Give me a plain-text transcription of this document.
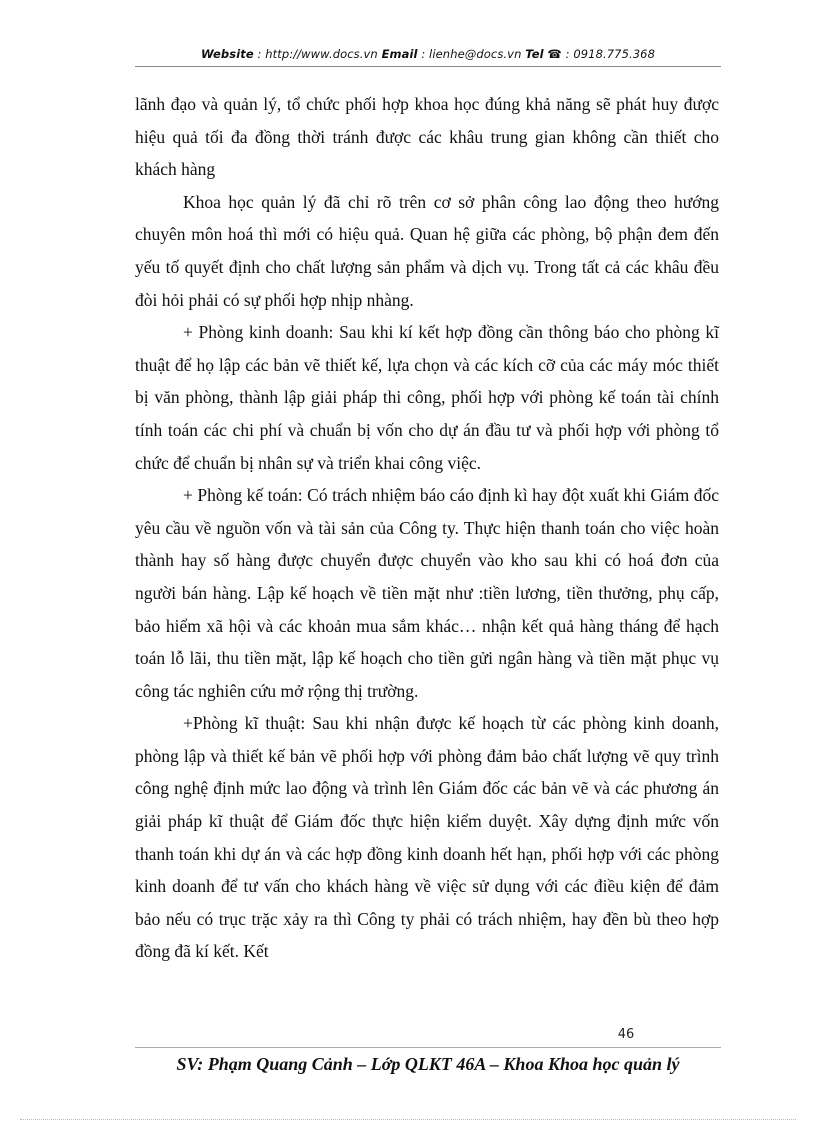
Website : http://www.docs.vn Email : lienhe@docs.vn Tel ☎ : 0918.775.368

lãnh đạo và quản lý, tổ chức phối hợp khoa học đúng khả năng sẽ phát huy được hiệu quả tối đa đồng thời tránh được các khâu trung gian không cần thiết cho khách hàng

Khoa học quản lý đã chỉ rõ trên cơ sở phân công lao động theo hướng chuyên môn hoá thì mới có hiệu quả. Quan hệ giữa các phòng, bộ phận đem đến yếu tố quyết định cho chất lượng sản phẩm và dịch vụ. Trong tất cả các khâu đều đòi hỏi phải có sự phối hợp nhịp nhàng.

+ Phòng kinh doanh: Sau khi kí kết hợp đồng cần thông báo cho phòng kĩ thuật để họ lập các bản vẽ thiết kế, lựa chọn và các kích cỡ của các máy móc thiết bị văn phòng, thành lập giải pháp thi công, phối hợp với phòng kế toán tài chính tính toán các chi phí và chuẩn bị vốn cho dự án đầu tư và phối hợp với phòng tổ chức để chuẩn bị nhân sự và triển khai công việc.

+ Phòng kế toán: Có trách nhiệm báo cáo định kì hay đột xuất khi Giám đốc yêu cầu về nguồn vốn và tài sản của Công ty. Thực hiện thanh toán cho việc hoàn thành hay số hàng được chuyển được chuyển vào kho sau khi có hoá đơn của người bán hàng. Lập kế hoạch về tiền mặt như :tiền lương, tiền thưởng, phụ cấp, bảo hiểm xã hội và các khoản mua sắm khác… nhận kết quả hàng tháng để hạch toán lỗ lãi, thu tiền mặt, lập kế hoạch cho tiền gửi ngân hàng và tiền mặt phục vụ công tác nghiên cứu mở rộng thị trường.

+Phòng kĩ thuật: Sau khi nhận được kế hoạch từ các phòng kinh doanh, phòng lập và thiết kế bản vẽ phối hợp với phòng đảm bảo chất lượng vẽ quy trình công nghệ định mức lao động và trình lên Giám đốc các bản vẽ và các phương án giải pháp kĩ thuật để Giám đốc thực hiện kiểm duyệt. Xây dựng định mức vốn thanh toán khi dự án và các hợp đồng kinh doanh hết hạn, phối hợp với các phòng kinh doanh để tư vấn cho khách hàng về việc sử dụng với các điều kiện để đảm bảo nếu có trục trặc xảy ra thì Công ty phải có trách nhiệm, hay đền bù theo hợp đồng đã kí kết. Kết

46
SV: Phạm Quang Cảnh – Lớp QLKT 46A – Khoa Khoa học quản lý
